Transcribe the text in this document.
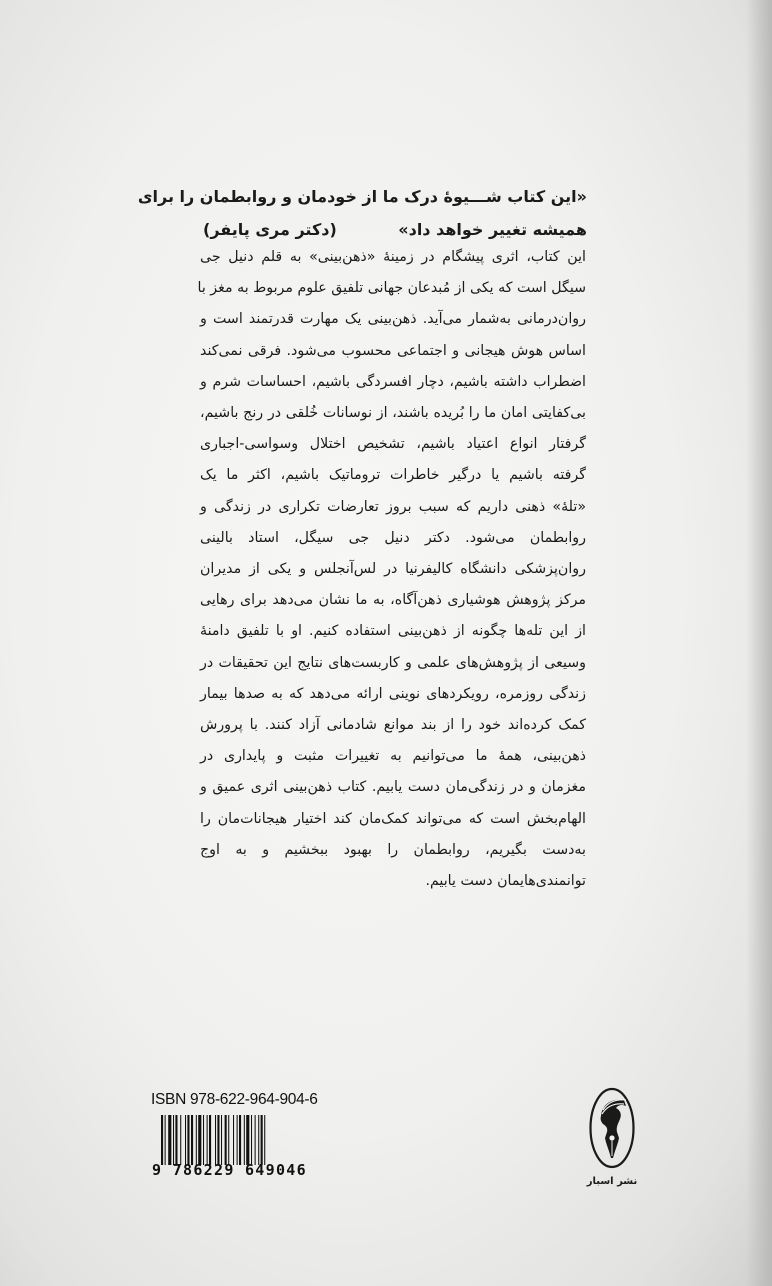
«این کتاب شـــیوهٔ درک ما از خودمان و روابطمان را برای
همیشه تغییر خواهد داد»
(دکتر مری پایفر)
این کتاب، اثری پیشگام در زمینهٔ «ذهن‌بینی» به قلم دنیل جی
سیگل است که یکی از مُبدعان جهانی تلفیق علوم مربوط به مغز با
روان‌درمانی به‌شمار می‌آید. ذهن‌بینی یک مهارت قدرتمند است و
اساس هوش هیجانی و اجتماعی محسوب می‌شود. فرقی نمی‌کند
اضطراب داشته باشیم، دچار افسردگی باشیم، احساسات شرم و
بی‌کفایتی امان ما را بُریده باشند، از نوسانات خُلقی در رنج باشیم،
گرفتار انواع اعتیاد باشیم، تشخیص اختلال وسواسی-اجباری
گرفته باشیم یا درگیر خاطرات تروماتیک باشیم، اکثر ما یک
«تلهٔ» ذهنی داریم که سبب بروز تعارضات تکراری در زندگی و
روابطمان می‌شود. دکتر دنیل جی سیگل، استاد بالینی
روان‌پزشکی دانشگاه کالیفرنیا در لس‌آنجلس و یکی از مدیران
مرکز پژوهش هوشیاری ذهن‌آگاه، به ما نشان می‌دهد برای رهایی
از این تله‌ها چگونه از ذهن‌بینی استفاده کنیم. او با تلفیق دامنهٔ
وسیعی از پژوهش‌های علمی و کاربست‌های نتایج این تحقیقات در
زندگی روزمره، رویکردهای نوینی ارائه می‌دهد که به صدها بیمار
کمک کرده‌اند خود را از بند موانع شادمانی آزاد کنند. با پرورش
ذهن‌بینی، همهٔ ما می‌توانیم به تغییرات مثبت و پایداری در
مغزمان و در زندگی‌مان دست یابیم. کتاب ذهن‌بینی اثری عمیق و
الهام‌بخش است که می‌تواند کمک‌مان کند اختیار هیجانات‌مان را
به‌دست بگیریم، روابطمان را بهبود ببخشیم و به اوج
توانمندی‌هایمان دست یابیم.
ISBN 978-622-964-904-6
9 786229 649046
نشر اسبار
